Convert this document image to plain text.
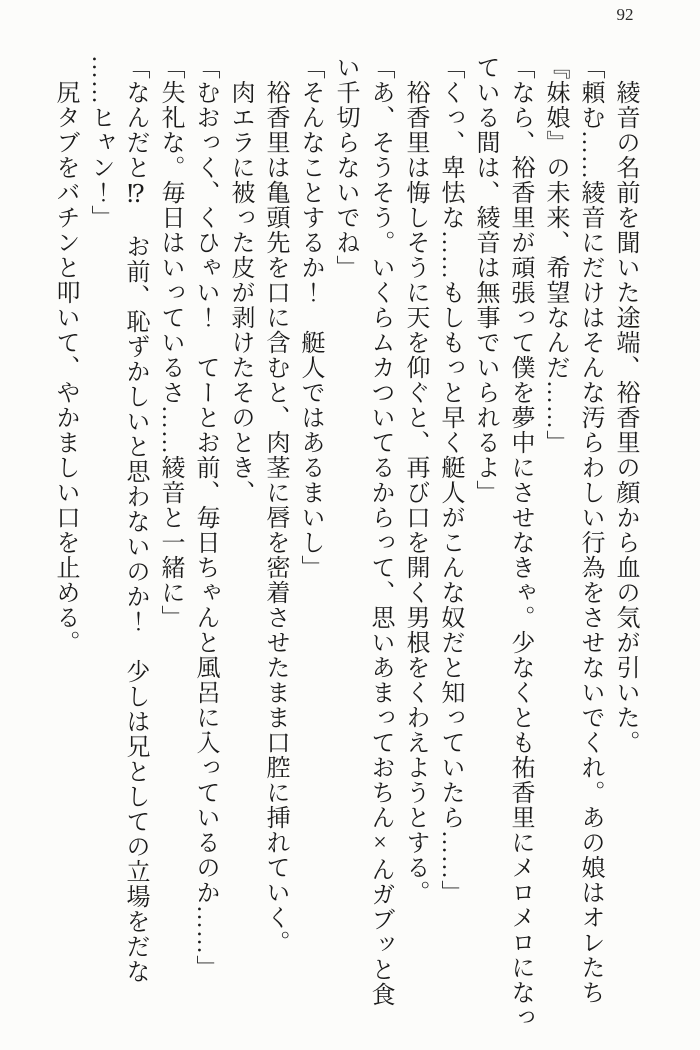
92

　綾音の名前を聞いた途端、裕香里の顔から血の気が引いた。

「頼む……綾音にだけはそんな汚らわしい行為をさせないでくれ。あの娘はオレたち

『妹娘』の未来、希望なんだ……」

「なら、裕香里が頑張って僕を夢中にさせなきゃ。少なくとも祐香里にメロメロになっ

ている間は、綾音は無事でいられるよ」

「くっ、卑怯な……もしもっと早く艇人がこんな奴だと知っていたら……」

　裕香里は悔しそうに天を仰ぐと、再び口を開く男根をくわえようとする。

「あ、そうそう。いくらムカついてるからって、思いあまっておちん×んガブッと食

い千切らないでね」

「そんなことするか！　艇人ではあるまいし」

　裕香里は亀頭先を口に含むと、肉茎に唇を密着させたまま口腔に挿れていく。

　肉エラに被った皮が剥けたそのとき、

「むおっく、くひゃい！　てーとお前、毎日ちゃんと風呂に入っているのか……」

「失礼な。毎日はいっているさ……綾音と一緒に」

「なんだと⁉　お前、恥ずかしいと思わないのか！　少しは兄としての立場をだな

……ヒャン！」

　尻タブをバチンと叩いて、やかましい口を止める。
